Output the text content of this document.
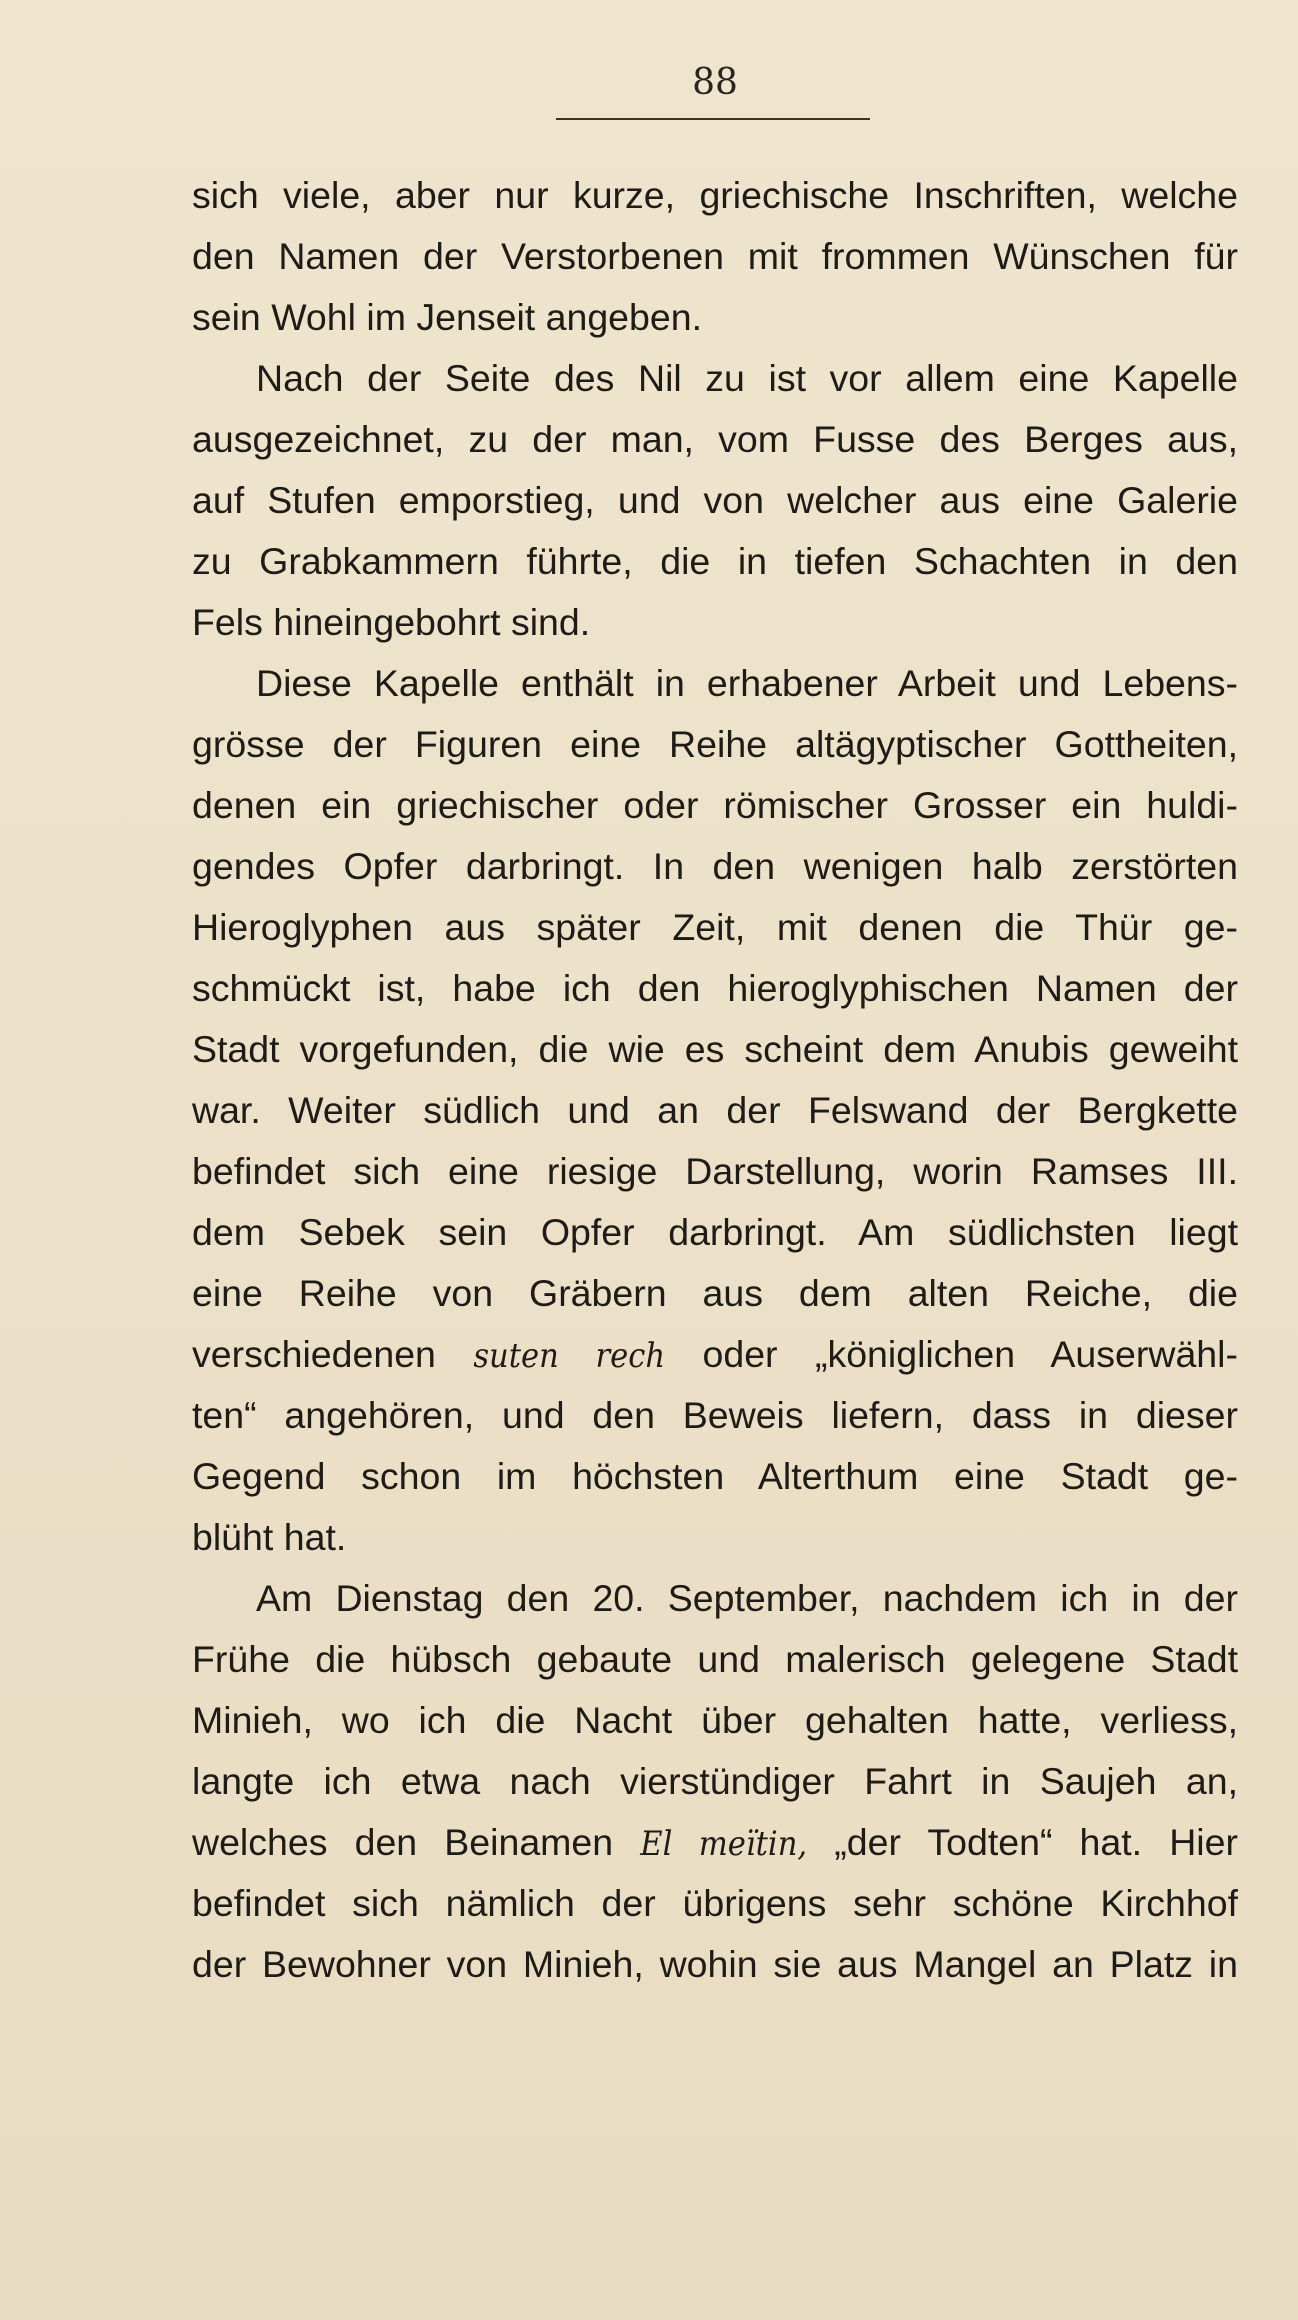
88
sich viele, aber nur kurze, griechische Inschriften, welche
den Namen der Verstorbenen mit frommen Wünschen für
sein Wohl im Jenseit angeben.
Nach der Seite des Nil zu ist vor allem eine Kapelle
ausgezeichnet, zu der man, vom Fusse des Berges aus,
auf Stufen emporstieg, und von welcher aus eine Galerie
zu Grabkammern führte, die in tiefen Schachten in den
Fels hineingebohrt sind.
Diese Kapelle enthält in erhabener Arbeit und Lebens-
grösse der Figuren eine Reihe altägyptischer Gottheiten,
denen ein griechischer oder römischer Grosser ein huldi-
gendes Opfer darbringt. In den wenigen halb zerstörten
Hieroglyphen aus später Zeit, mit denen die Thür ge-
schmückt ist, habe ich den hieroglyphischen Namen der
Stadt vorgefunden, die wie es scheint dem Anubis geweiht
war. Weiter südlich und an der Felswand der Bergkette
befindet sich eine riesige Darstellung, worin Ramses III.
dem Sebek sein Opfer darbringt. Am südlichsten liegt
eine Reihe von Gräbern aus dem alten Reiche, die
verschiedenen suten rech oder „königlichen Auserwähl-
ten“ angehören, und den Beweis liefern, dass in dieser
Gegend schon im höchsten Alterthum eine Stadt ge-
blüht hat.
Am Dienstag den 20. September, nachdem ich in der
Frühe die hübsch gebaute und malerisch gelegene Stadt
Minieh, wo ich die Nacht über gehalten hatte, verliess,
langte ich etwa nach vierstündiger Fahrt in Saujeh an,
welches den Beinamen El meïtin, „der Todten“ hat. Hier
befindet sich nämlich der übrigens sehr schöne Kirchhof
der Bewohner von Minieh, wohin sie aus Mangel an Platz in
